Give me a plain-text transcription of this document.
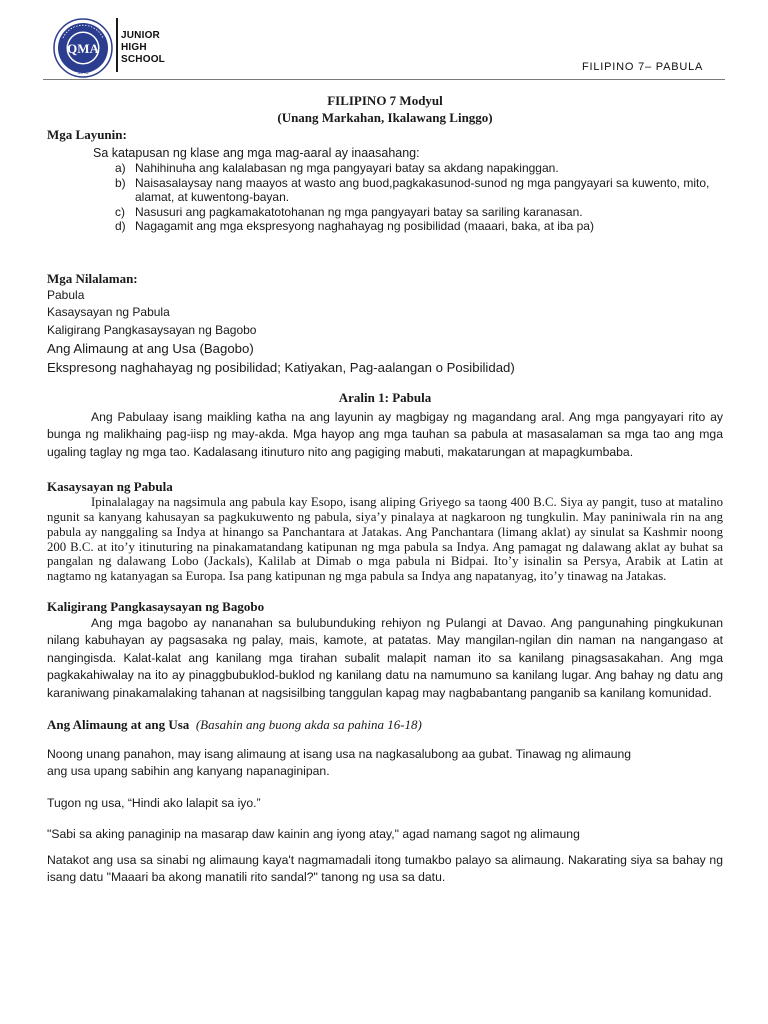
QMA
1945
JUNIOR
HIGH
SCHOOL
FILIPINO 7– PABULA
FILIPINO 7 Modyul
(Unang Markahan, Ikalawang Linggo)
Mga Layunin:
Sa katapusan ng klase ang mga mag-aaral ay inaasahang:
a) Nahihinuha ang kalalabasan ng mga pangyayari batay sa akdang napakinggan.
b) Naisasalaysay nang maayos at wasto ang buod,pagkakasunod-sunod ng mga pangyayari sa kuwento, mito, alamat, at kuwentong-bayan.
c) Nasusuri ang pagkamakatotohanan ng mga pangyayari batay sa sariling karanasan.
d) Nagagamit ang mga ekspresyong naghahayag ng posibilidad (maaari, baka, at iba pa)
Mga Nilalaman:
Pabula
Kasaysayan ng Pabula
Kaligirang Pangkasaysayan ng Bagobo
Ang Alimaung at ang Usa (Bagobo)
Ekspresong naghahayag ng posibilidad; Katiyakan, Pag-aalangan o Posibilidad)
Aralin 1: Pabula

Ang Pabulaay isang maikling katha na ang layunin ay magbigay ng magandang aral. Ang mga pangyayari rito ay bunga ng malikhaing pag-iisp ng may-akda. Mga hayop ang mga tauhan sa pabula at masasalaman sa mga tao ang mga ugaling taglay ng mga tao. Kadalasang itinuturo nito ang pagiging mabuti, makatarungan at mapagkumbaba.

Kasaysayan ng Pabula

Ipinalalagay na nagsimula ang pabula kay Esopo, isang aliping Griyego sa taong 400 B.C. Siya ay pangit, tuso at matalino ngunit sa kanyang kahusayan sa pagkukuwento ng pabula, siya’y pinalaya at nagkaroon ng tungkulin. May paniniwala rin na ang pabula ay nanggaling sa Indya at hinango sa Panchantara at Jatakas. Ang Panchantara (limang aklat) ay sinulat sa Kashmir noong 200 B.C. at ito’y itinuturing na pinakamatandang katipunan ng mga pabula sa Indya. Ang pamagat ng dalawang aklat ay buhat sa pangalan ng dalawang Lobo (Jackals), Kalilab at Dimab o mga pabula ni Bidpai. Ito’y isinalin sa Persya, Arabik at Latin at nagtamo ng katanyagan sa Europa. Isa pang katipunan ng mga pabula sa Indya ang napatanyag, ito’y tinawag na Jatakas.

Kaligirang Pangkasaysayan ng Bagobo

Ang mga bagobo ay nananahan sa bulubunduking rehiyon ng Pulangi at Davao. Ang pangunahing pingkukunan nilang kabuhayan ay pagsasaka ng palay, mais, kamote, at patatas. May mangilan-ngilan din naman na nangangaso at nangingisda. Kalat-kalat ang kanilang mga tirahan subalit malapit naman ito sa kanilang pinagsasakahan. Ang mga pagkakahiwalay na ito ay pinaggbubuklod-buklod ng kanilang datu na namumuno sa kanilang lugar. Ang bahay ng datu ang karaniwang pinakamalaking tahanan at nagsisilbing tanggulan kapag may nagbabantang panganib sa kanilang komunidad.

Ang Alimaung at ang Usa (Basahin ang buong akda sa pahina 16-18)

Noong unang panahon, may isang alimaung at isang usa na nagkasalubong aa gubat. Tinawag ng alimaung ang usa upang sabihin ang kanyang napanaginipan.

Tugon ng usa, “Hindi ako lalapit sa iyo.”

"Sabi sa aking panaginip na masarap daw kainin ang iyong atay," agad namang sagot ng alimaung

Natakot ang usa sa sinabi ng alimaung kaya't nagmamadali itong tumakbo palayo sa alimaung. Nakarating siya sa bahay ng isang datu "Maaari ba akong manatili rito sandal?" tanong ng usa sa datu.
